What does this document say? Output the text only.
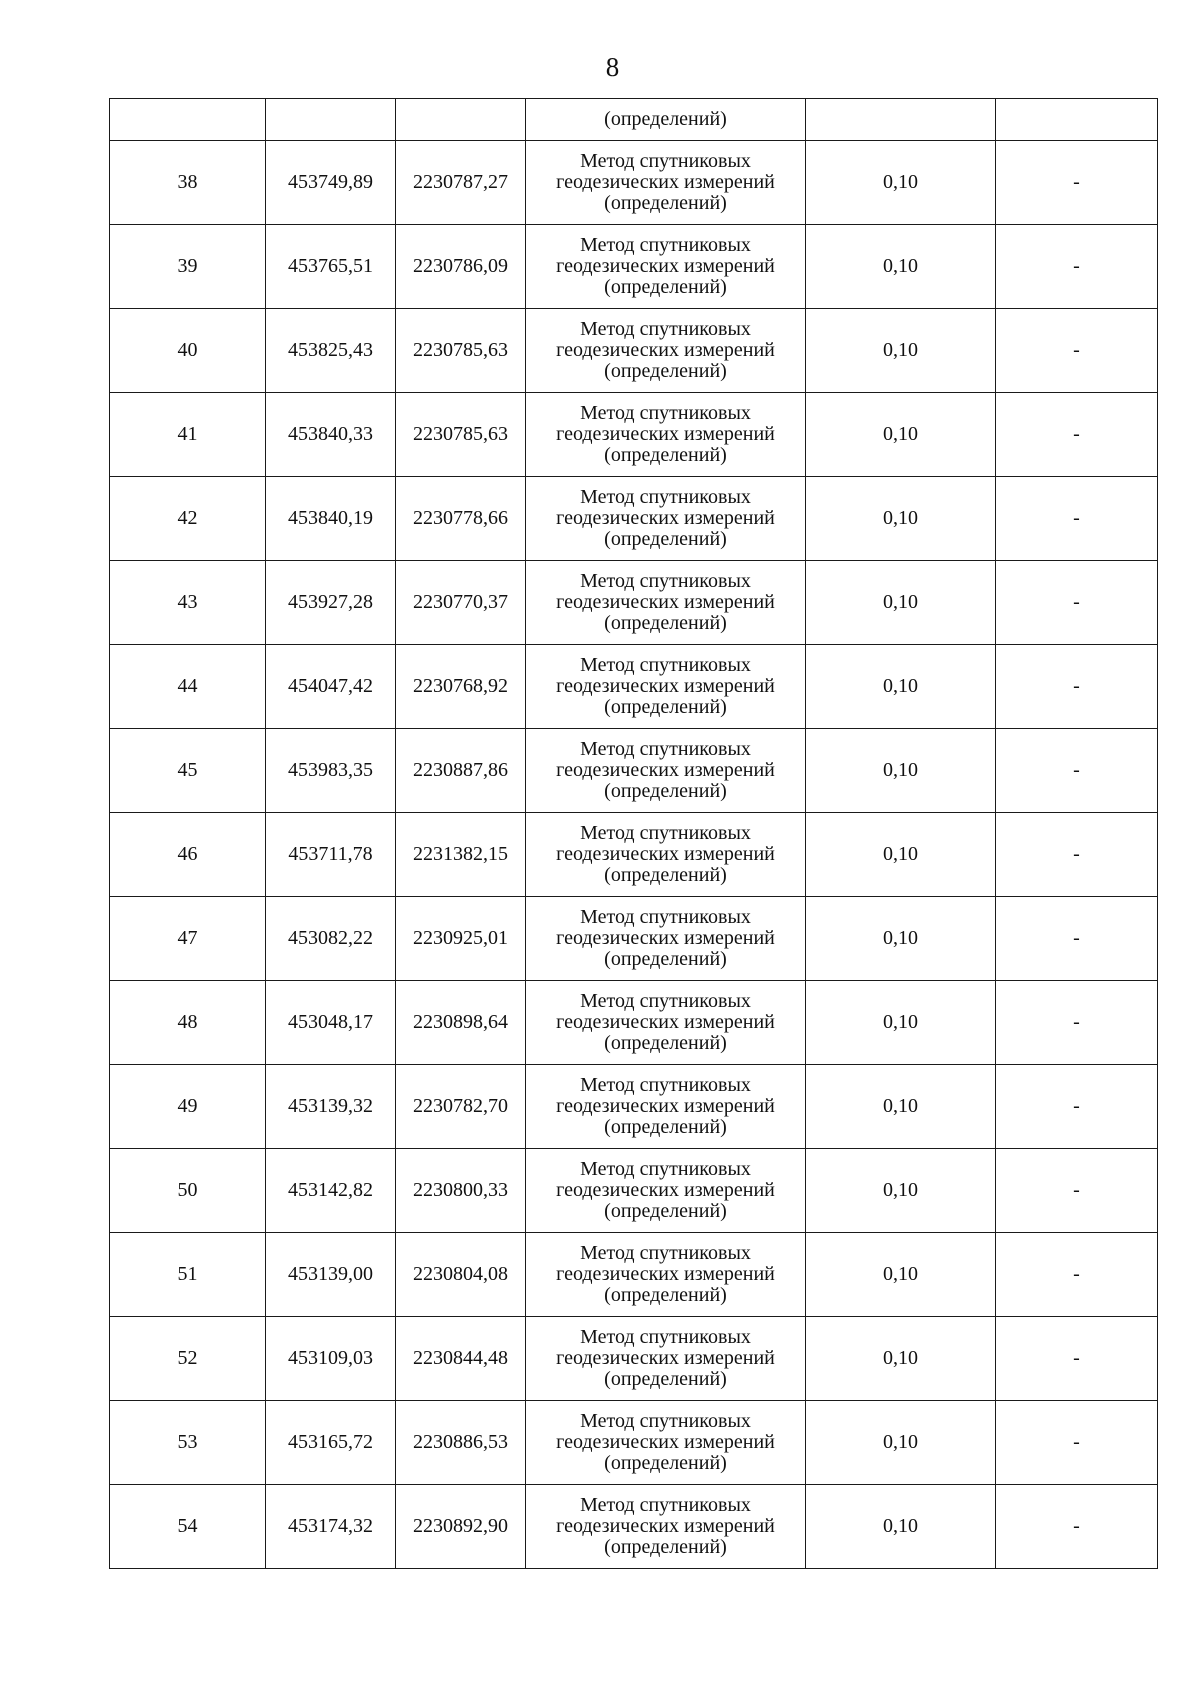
8
			(определений)		
38	453749,89	2230787,27	Метод спутниковых
геодезических измерений
(определений)	0,10	-
39	453765,51	2230786,09	Метод спутниковых
геодезических измерений
(определений)	0,10	-
40	453825,43	2230785,63	Метод спутниковых
геодезических измерений
(определений)	0,10	-
41	453840,33	2230785,63	Метод спутниковых
геодезических измерений
(определений)	0,10	-
42	453840,19	2230778,66	Метод спутниковых
геодезических измерений
(определений)	0,10	-
43	453927,28	2230770,37	Метод спутниковых
геодезических измерений
(определений)	0,10	-
44	454047,42	2230768,92	Метод спутниковых
геодезических измерений
(определений)	0,10	-
45	453983,35	2230887,86	Метод спутниковых
геодезических измерений
(определений)	0,10	-
46	453711,78	2231382,15	Метод спутниковых
геодезических измерений
(определений)	0,10	-
47	453082,22	2230925,01	Метод спутниковых
геодезических измерений
(определений)	0,10	-
48	453048,17	2230898,64	Метод спутниковых
геодезических измерений
(определений)	0,10	-
49	453139,32	2230782,70	Метод спутниковых
геодезических измерений
(определений)	0,10	-
50	453142,82	2230800,33	Метод спутниковых
геодезических измерений
(определений)	0,10	-
51	453139,00	2230804,08	Метод спутниковых
геодезических измерений
(определений)	0,10	-
52	453109,03	2230844,48	Метод спутниковых
геодезических измерений
(определений)	0,10	-
53	453165,72	2230886,53	Метод спутниковых
геодезических измерений
(определений)	0,10	-
54	453174,32	2230892,90	Метод спутниковых
геодезических измерений
(определений)	0,10	-
